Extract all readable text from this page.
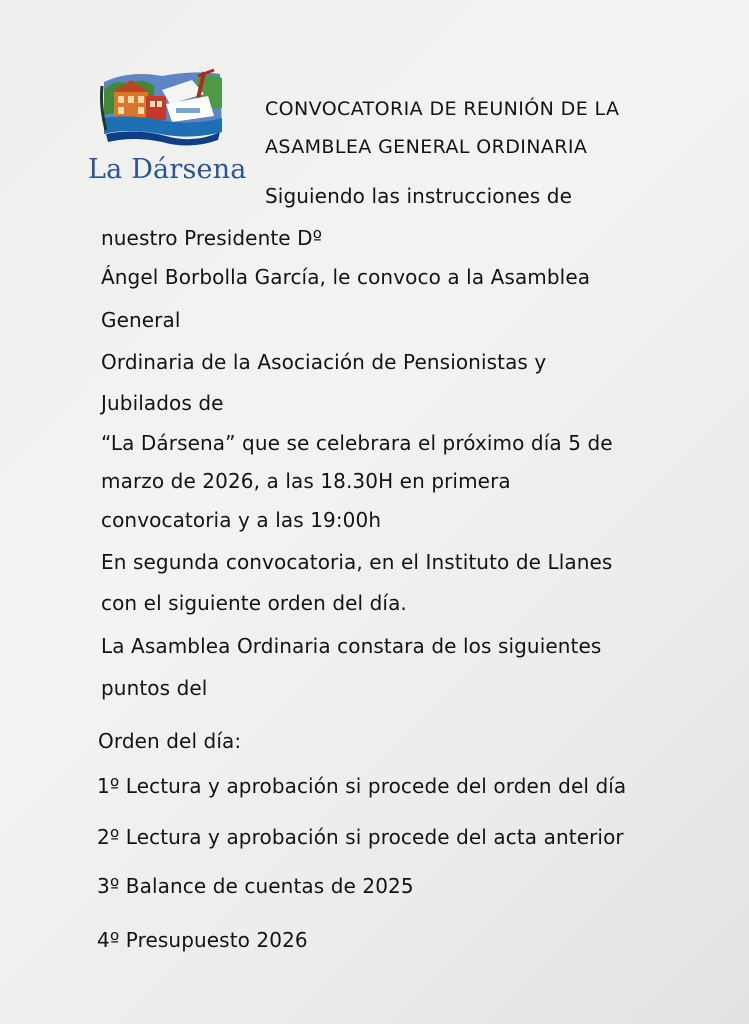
La Dársena
CONVOCATORIA DE REUNIÓN DE LA
ASAMBLEA GENERAL ORDINARIA
Siguiendo las instrucciones de
nuestro Presidente Dº
Ángel Borbolla García, le convoco a la Asamblea
General
Ordinaria de la Asociación de Pensionistas y
Jubilados de
“La Dársena” que se celebrara el próximo día 5 de
marzo de 2026, a las 18.30H en primera
convocatoria y a las 19:00h
En segunda convocatoria, en el Instituto de Llanes
con el siguiente orden del día.
La Asamblea Ordinaria constara de los siguientes
puntos del
Orden del día:
1º Lectura y aprobación si procede del orden del día
2º Lectura y aprobación si procede del acta anterior
3º Balance de cuentas de 2025
4º Presupuesto 2026
